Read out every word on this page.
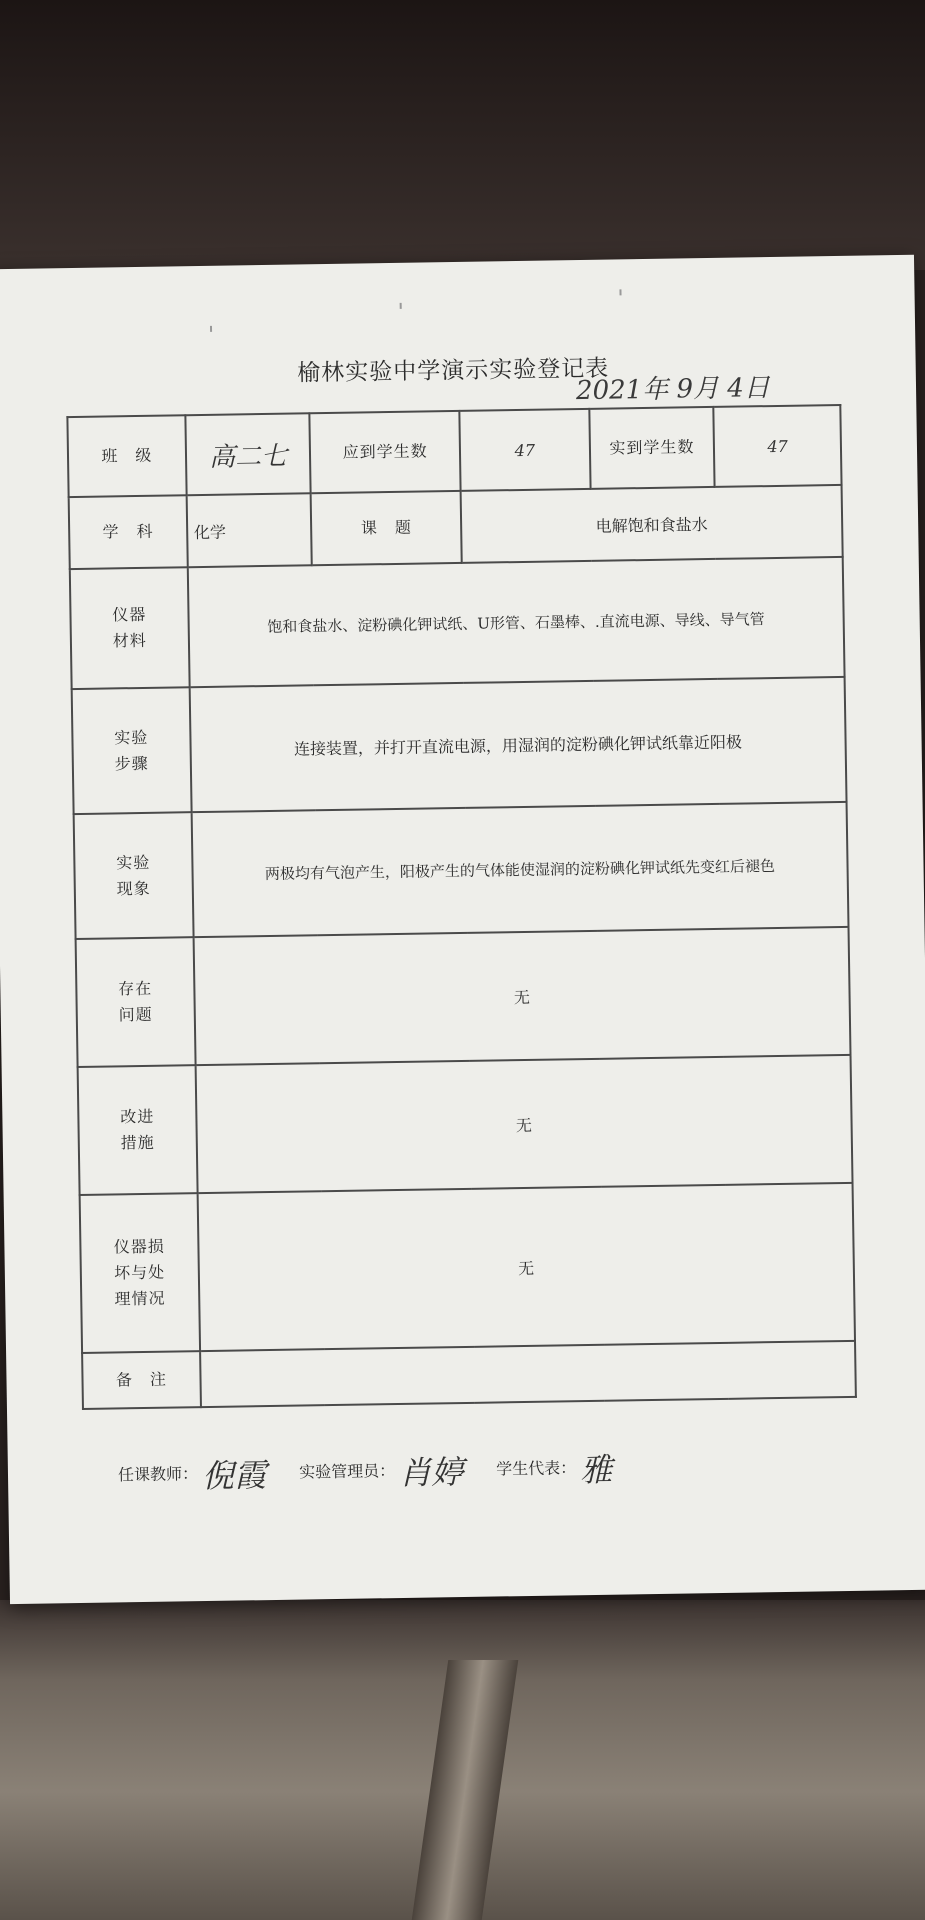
榆林实验中学演示实验登记表
2021年 9月 4日
班　级	高二七	应到学生数	47	实到学生数	47
学　科	化学	课　题	电解饱和食盐水		

仪器
材料	饱和食盐水、淀粉碘化钾试纸、U形管、石墨棒、.直流电源、导线、导气管				

实验
步骤	连接装置，并打开直流电源，用湿润的淀粉碘化钾试纸靠近阳极				

实验
现象	两极均有气泡产生，阳极产生的气体能使湿润的淀粉碘化钾试纸先变红后褪色				

存在
问题	无				

改进
措施	无				

仪器损
坏与处
理情况	无				
备　注					
任课教师： 倪霞 实验管理员： 肖婷 学生代表： 雅
